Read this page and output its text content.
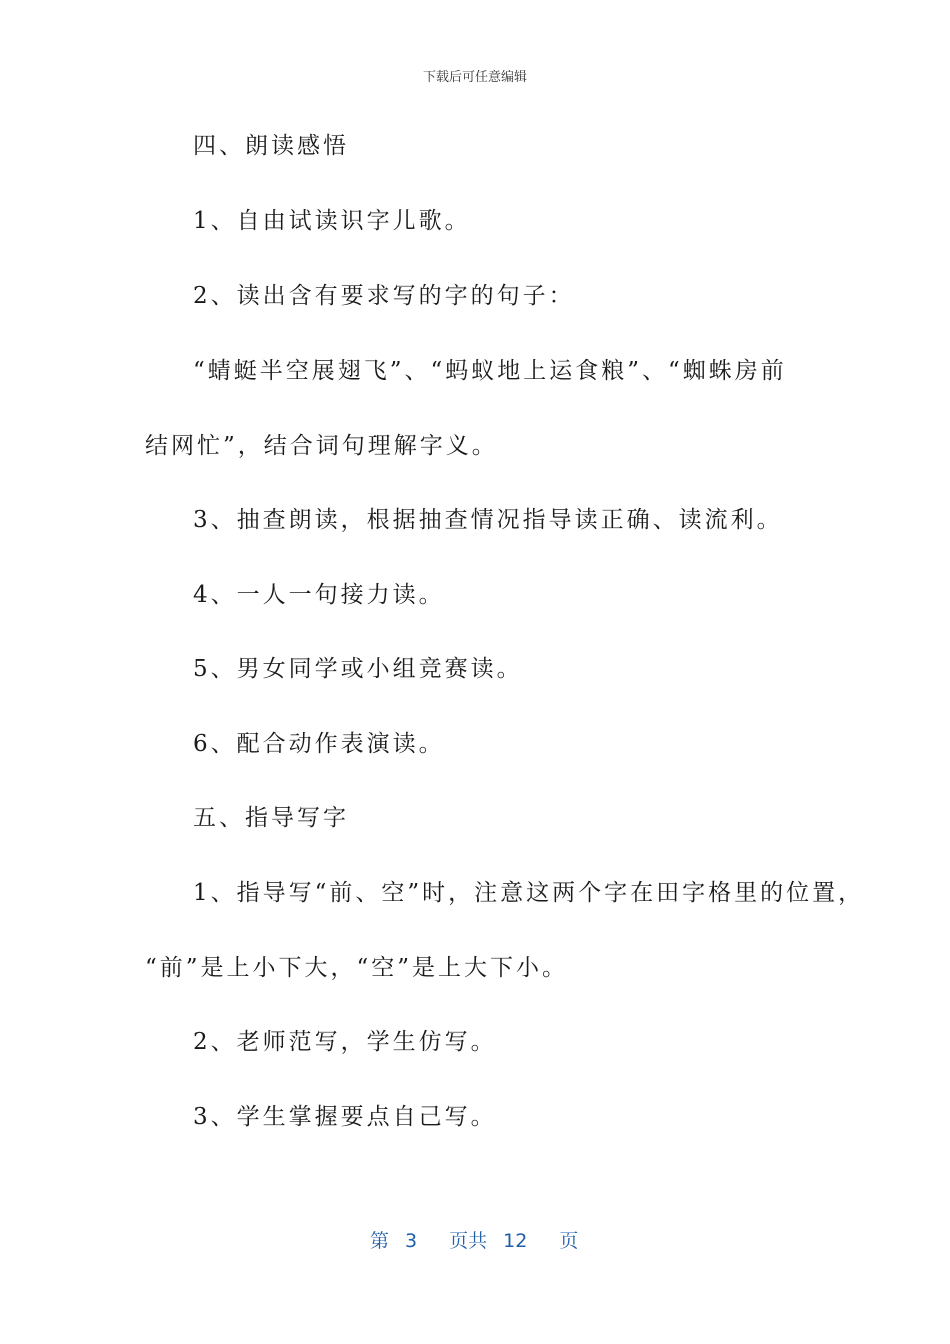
下载后可任意编辑
四、朗读感悟
1、自由试读识字儿歌。
2、读出含有要求写的字的句子：
“蜻蜓半空展翅飞”、“蚂蚁地上运食粮”、“蜘蛛房前
结网忙”，结合词句理解字义。
3、抽查朗读，根据抽查情况指导读正确、读流利。
4、一人一句接力读。
5、男女同学或小组竞赛读。
6、配合动作表演读。
五、指导写字
1、指导写“前、空”时，注意这两个字在田字格里的位置，
“前”是上小下大，“空”是上大下小。
2、老师范写，学生仿写。
3、学生掌握要点自己写。
第 3 页共 12 页
